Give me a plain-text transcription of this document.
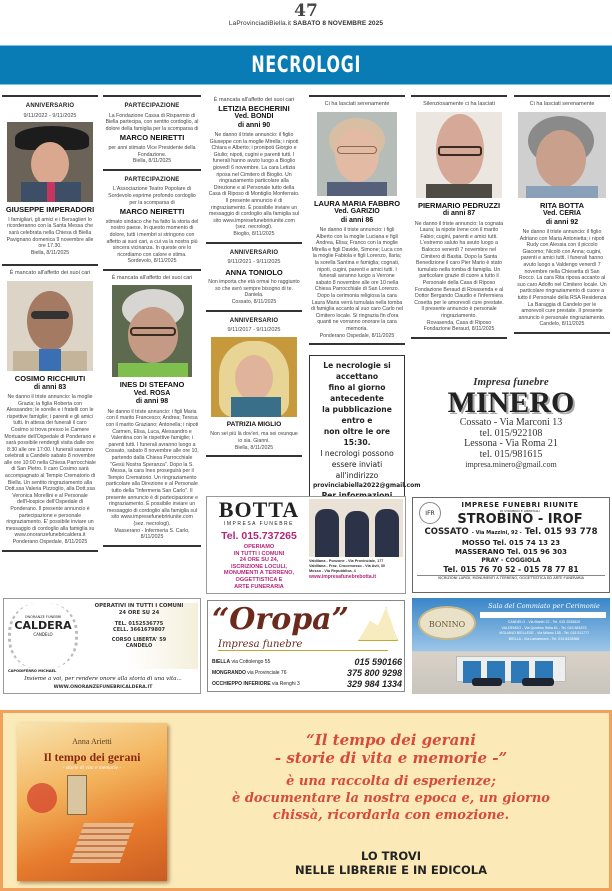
47
LaProvinciadiBiella.it SABATO 8 NOVEMBRE 2025
NECROLOGI
ANNIVERSARIO
9/11/2022 - 9/11/2025
GIUSEPPE IMPERADORI
I famigliari, gli amici e i Bersaglieri lo ricorderanno con la Santa Messa che sarà celebrata nella Chiesa di Biella Pavignano domenica 9 novembre alle ore 17.30.
Biella, 8/11/2025
È mancato all'affetto dei suoi cari
COSIMO RICCHIUTI
di anni 83
Ne danno il triste annuncio: la moglie Grazia; la figlia Roberta con Alessandro; le sorelle e i fratelli con le rispettive famiglie; i parenti e gli amici tutti. In attesa dei funerali il caro Cosimo si trova presso le Camere Mortuarie dell'Ospedale di Ponderano e sarà possibile rendergli visita dalle ore 8:30 alle ore 17:00. I funerali saranno celebrati a Candelo sabato 8 novembre alle ore 10:00 nella Chiesa Parrocchiale di San Pietro. Il caro Cosimo sarà accompagnato al Tempio Crematorio di Biella. Un sentito ringraziamento alla Dott.ssa Valeria Pizzoglio, alla Dott.ssa Veronica Morellini e al Personale dell'Hospice dell'Ospedale di Ponderano. Il presente annuncio è partecipazione e personale ringraziamento. E' possibile inviare un messaggio di cordoglio alla famiglia su www.onoranzefunebricaldera.it
Ponderano Ospedale, 8/11/2025
PARTECIPAZIONE
La Fondazione Cassa di Risparmio di Biella partecipa, con sentito cordoglio, al dolore della famiglia per la scomparsa di
MARCO NEIRETTI
per anni stimato Vice Presidente della Fondazione.
Biella, 8/11/2025
PARTECIPAZIONE
L'Associazione Teatro Popolare di Sordevolo esprime profondo cordoglio per la scomparsa di
MARCO NEIRETTI
stimato sindaco che ha fatto la storia del nostro paese. In questo momento di dolore, tutti i membri si stringono con affetto ai suoi cari, a cui va la nostra più sincera vicinanza. In queste ore lo ricordiamo con calore e stima.
Sordevolo, 8/11/2025
È mancata all'affetto dei suoi cari
INES DI STEFANO
Ved. ROSA
di anni 98
Ne danno il triste annuncio: i figli Maria con il marito Francesco; Andrea; Teresa con il marito Graziano; Antonella; i nipoti Carmen, Elisa, Luca, Alessandro e Valentina con le rispettive famiglie; i parenti tutti. I funerali avranno luogo a Cossato, sabato 8 novembre alle ore 10, partendo dalla Chiesa Parrocchiale "Gesù Nostra Speranza". Dopo la S. Messa, la cara Ines proseguirà per il Tempio Crematorio. Un ringraziamento particolare alla Direzione e al Personale tutto della "Infermeria San Carlo". Il presente annuncio è di partecipazione e ringraziamento. È possibile inviare un messaggio di cordoglio alla famiglia sul sito www.impresefunebririunite.com (sez. necrologi).
Masserano - Infermeria S. Carlo, 8/11/2025
È mancata all'affetto dei suoi cari
LETIZIA BECHERINI
Ved. BONDI
di anni 90
Ne danno il triste annuncio: il figlio Giuseppe con la moglie Mirella; i nipoti Chiara e Alberto; i pronipoti Giorgio e Giulio; nipoti, cugini e parenti tutti. I funerali hanno avuto luogo a Bioglio giovedì 6 novembre. La cara Letizia riposa nel Cimitero di Bioglio. Un ringraziamento particolare alla Direzione e al Personale tutto della Casa di Riposo di Montiglio Monferrato. Il presente annuncio è di ringraziamento. È possibile inviare un messaggio di cordoglio alla famiglia sul sito www.impresefunebririunite.com (sez. necrologi).
Bioglio, 8/11/2025
ANNIVERSARIO
9/11/2021 - 9/11/2025
ANNA TONIOLO
Non importa che età ormai ho raggiunto so che avrò sempre bisogno di te. Daniela.
Cossato, 8/11/2025
ANNIVERSARIO
9/11/2017 - 9/11/2025
PATRIZIA MIGLIO
Non sei più là dov'eri, ma sei ovunque io sia. Gianni.
Biella, 8/11/2025
Ci ha lasciati serenamente
LAURA MARIA FABBRO
Ved. GARIZIO
di anni 86
Ne danno il triste annuncio: i figli Alberto con la moglie Luciana e figli Andrea, Elisa; Franco con la moglie Mirella e figli Davide, Simone; Luca con la moglie Fabiola e figli Lorenzo, Ilaria; la sorella Santina e famiglia; cognati, nipoti, cugini, parenti e amici tutti. I funerali avranno luogo a Verrone sabato 8 novembre alle ore 10 nella Chiesa Parrocchiale di San Lorenzo. Dopo la cerimonia religiosa la cara Laura Maria verrà tumulata nella tomba di famiglia accanto al suo caro Carlo nel Cimitero locale. Si ringrazia fin d'ora quanti ne vorranno onorare la cara memoria.
Ponderano Ospedale, 8/11/2025
Le necrologie si accettano
fino al giorno antecedente
la pubblicazione entro e
non oltre le ore 15:30.
I necrologi possono
essere inviati all'indirizzo
provinciabiella2022@gmail.com
Silenziosamente ci ha lasciati
PIERMARIO PEDRUZZI
di anni 87
Ne danno il triste annuncio: la cognata Laura; la nipote Irene con il marito Fabio; cugini, parenti e amici tutti. L'estremo saluto ha avuto luogo a Balocco venerdì 7 novembre nel Cimitero di Bastia. Dopo la Santa Benedizione il caro Pier Mario è stato tumulato nella tomba di famiglia. Un particolare grazie di cuore a tutto il Personale della Casa di Riposo Fondazione Beraud di Rovasenda e al Dottor Bergando Claudio e l'infermiera Cosetta per le amorevoli cure prestate. Il presente annuncio è personale ringraziamento.
Rovasenda, Casa di Riposo Fondazione Beraud, 8/11/2025
Ci ha lasciati serenamente
RITA BOTTA
Ved. CERIA
di anni 92
Ne danno il triste annuncio: il figlio Adriano con Maria Antonietta; i nipoti Rudy con Alessia con il piccolo Giacomo; Nicolò con Anna; cugini, parenti e amici tutti. I funerali hanno avuto luogo a Valdengo venerdì 7 novembre nella Chiesetta di San Rocco. La cara Rita riposa accanto al suo caro Adolfo nel Cimitero locale. Un particolare ringraziamento di cuore a tutto il Personale della RSA Residenza La Baraggia di Candelo per le amorevoli cure prestate. Il presente annuncio è personale ringraziamento.
Candelo, 8/11/2025
Impresa funebre
MINERO
Cossato - Via Marconi 13
tel. 015/922108
Lessona - Via Roma 21
tel. 015/981615
impresa.minero@gmail.com
BOTTA
IMPRESA FUNEBRE
Tel. 015.737265
OPERIAMO
IN TUTTI I COMUNI
24 ORE SU 24,
ISCRIZIONE LOCULI,
MONUMENTI A TERRENO,
OGGETTISTICA E
ARTE FUNERARIA
Valdilana - Ponzone - Via Provinciale, 177
Valdilana - Fraz. Crocemosso - Via Avit, 30
Mosso - Via Repubblica, 4
www.impresafunebrebotta.it
IFR
IMPRESE FUNEBRI RIUNITE
DI STROBINO E LIBERTALLI
STROBINO - IROF
COSSATO - Via Mazzini, 92 - Tel. 015 93 778
MOSSO Tel. 015 74 13 23
MASSERANO Tel. 015 96 303
PRAY - COGGIOLA
Tel. 015 76 70 52 - 015 78 77 81
ISCRIZIONI LAPIDI, MONUMENTI A TERRENO, OGGETTISTICA ED ARTE FUNERARIA
ONORANZE FUNEBRI
CALDERA
CANDELO
CAPODIFERRO MICHAEL
OPERATIVI IN TUTTI I COMUNI
24 ORE SU 24
TEL. 0152536775
CELL. 3661679807
CORSO LIBERTA' 59
CANDELO
Insieme a voi, per rendere onore alla storia di una vita...
WWW.ONORANZEFUNEBRICALDERA.IT
“Oropa”
Impresa funebre
BIELLA via Cottolengo 55	015 590166
MONGRANDO via Provinciale 76	375 800 9298
OCCHIEPPO INFERIORE via Renghi 3	329 984 1334
BONINO
Sala del Commiato per Cerimonie
CANDELO - Via Martiri 22 - Tel. 015 2536820
VALDENGO - Via Quintino Sella 61 - Tel. 015 881875
VIGLIANO BIELLESE - Via Milano 155 - Tel. 015 511777
BIELLA - Via Lamarmora - Tel. 015 8428988
Anna Arietti
Il tempo dei gerani
- storie di vita e memorie -
“Il tempo dei gerani
- storie di vita e memorie -”
è una raccolta di esperienze;
è documentare la nostra epoca e, un giorno
chissà, ricordarla con emozione.
LO TROVI
NELLE LIBRERIE E IN EDICOLA
